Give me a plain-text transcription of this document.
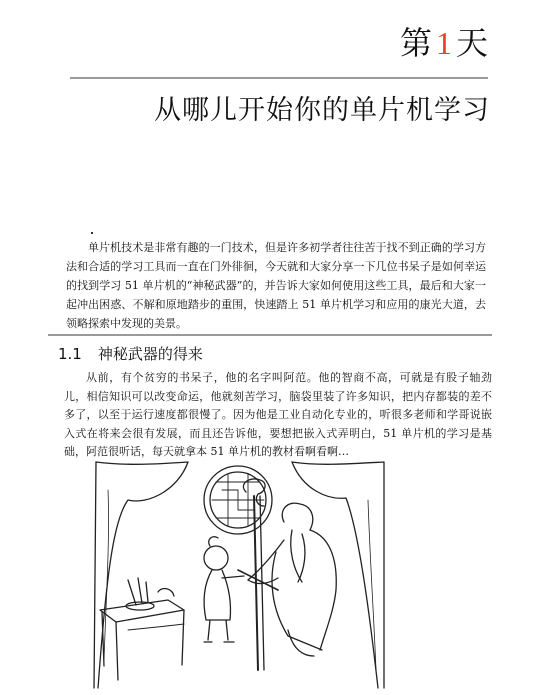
第1天
从哪儿开始你的单片机学习

单片机技术是非常有趣的一门技术，但是许多初学者往往苦于找不到正确的学习方法和合适的学习工具而一直在门外徘徊，今天就和大家分享一下几位书呆子是如何幸运的找到学习 51 单片机的“神秘武器”的，并告诉大家如何使用这些工具，最后和大家一起冲出困惑、不解和原地踏步的重围，快速踏上 51 单片机学习和应用的康光大道，去领略探索中发现的美景。

1.1 神秘武器的得来

从前，有个贫穷的书呆子，他的名字叫阿范。他的智商不高，可就是有股子轴劲儿，相信知识可以改变命运，他就刻苦学习，脑袋里装了许多知识，把内存都装的差不多了，以至于运行速度都很慢了。因为他是工业自动化专业的，听很多老师和学哥说嵌入式在将来会很有发展，而且还告诉他，要想把嵌入式弄明白，51 单片机的学习是基础，阿范很听话，每天就拿本 51 单片机的教材看啊看啊…
